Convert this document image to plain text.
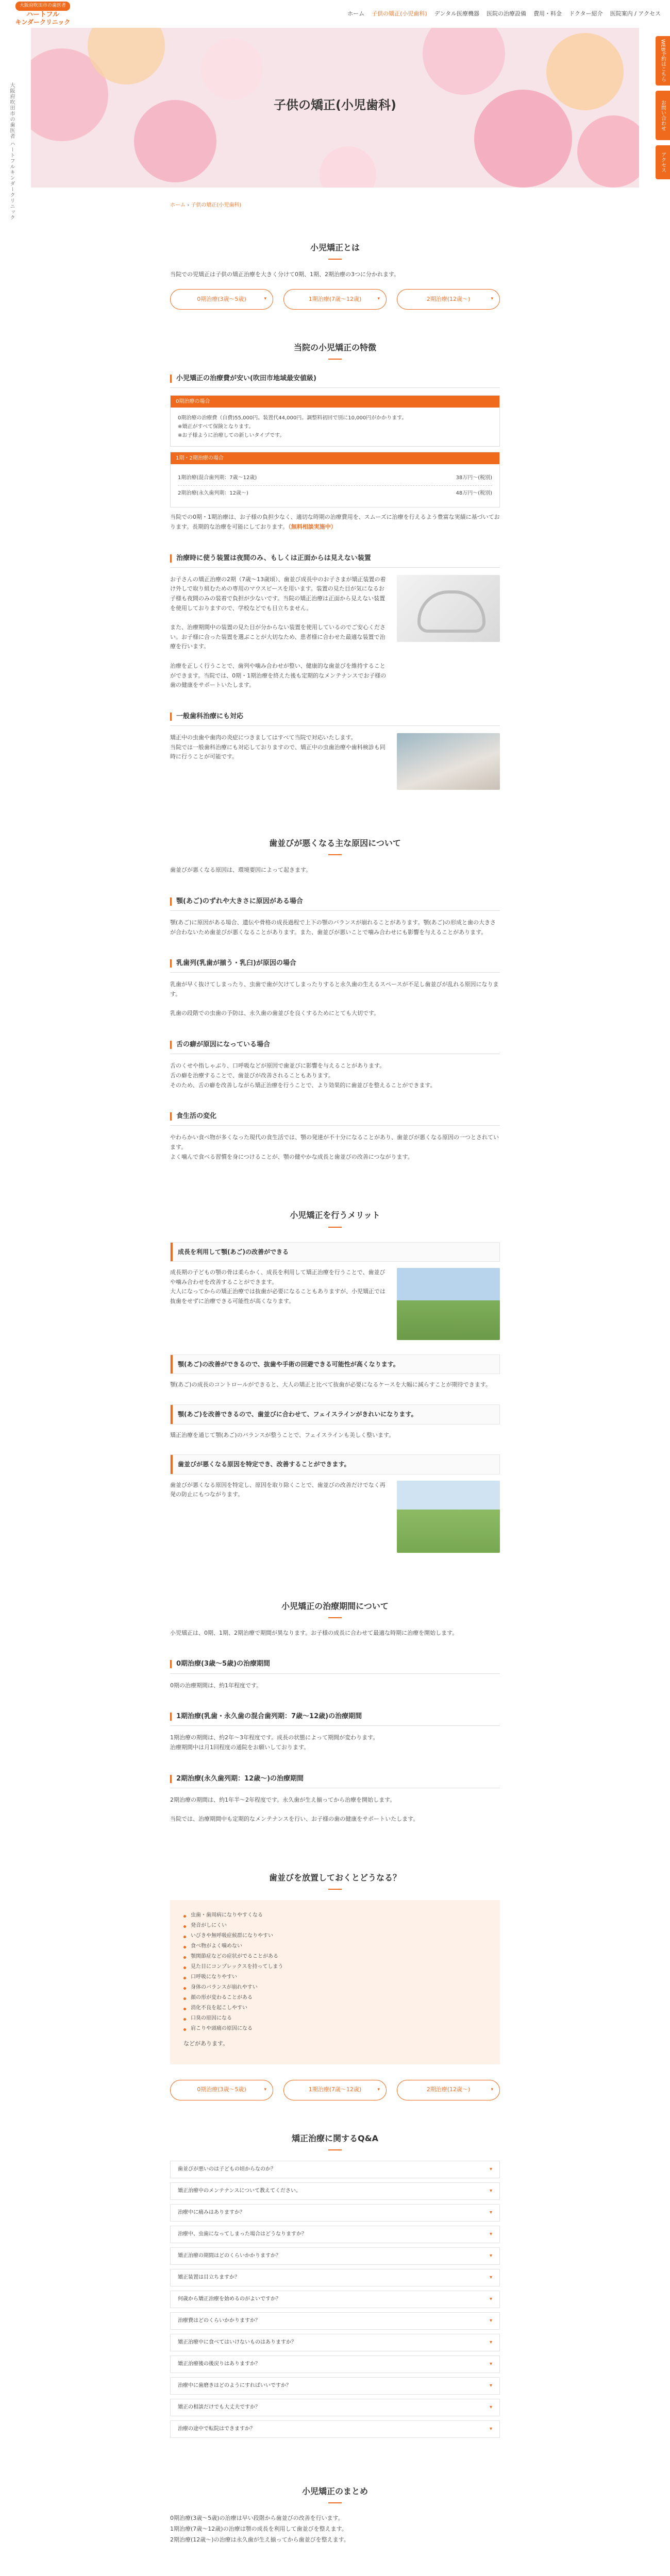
大阪府吹田市の歯医者
ハートフル
キンダークリニック
ホーム 子供の矯正(小児歯科) デンタル医療機器 医院の治療設備 費用・料金 ドクター紹介 医院案内 / アクセス
WEB予約はこちら
お問い合わせ
アクセス
大阪府吹田市の歯医者 ハートフルキンダークリニック	子供の矯正(小児歯科)
ホーム › 子供の矯正(小児歯科)
小児矯正とは

当院での児矯正は子供の矯正治療を大きく分けて0期、1期、2期治療の3つに分かれます。

0期治療(3歳〜5歳) ▾	1期治療(7歳〜12歳) ▾	2期治療(12歳〜) ▾
当院の小児矯正の特徴
小児矯正の治療費が安い(吹田市地域最安値級)
0期治療の場合
0期治療の治療費（自費)55,000円。装置代44,000円。調整料初回で別に10,000円がかかります。
※矯正がすべて保険となります。
※お子様ように治療しての新しいタイプです。
1期・2期治療の場合
1期治療(混合歯列期：7歳〜12歳)	38万円〜(税別)
2期治療(永久歯列期：12歳〜)	48万円〜(税別)

当院での0期・1期治療は、お子様の負担少なく、適切な時期の治療費用を、スムーズに治療を行えるよう豊富な実績に基づいております。長期的な治療を可能にしております。（無料相談実施中）

治療時に使う装置は夜間のみ、もしくは正面からは見えない装置
お子さんの矯正治療の2期（7歳〜13歳頃）、歯並び成長中のお子さまが矯正装置の着け外しで取り組むための専用のマウスピースを用います。装置の見た目が気になるお子様も夜間のみの装着で負担が少ないです。当院の矯正治療は正面から見えない装置を使用しておりますので、学校などでも目立ちません。

また、治療期間中の装置の見た目が分からない装置を使用しているのでご安心ください。お子様に合った装置を選ぶことが大切なため、患者様に合わせた最適な装置で治療を行います。

治療を正しく行うことで、歯列や噛み合わせが整い、健康的な歯並びを維持することができます。当院では、0期・1期治療を終えた後も定期的なメンテナンスでお子様の歯の健康をサポートいたします。
一般歯科治療にも対応
矯正中の虫歯や歯肉の炎症につきましてはすべて当院で対応いたします。
当院では一般歯科治療にも対応しておりますので、矯正中の虫歯治療や歯科検診も同時に行うことが可能です。
歯並びが悪くなる主な原因について

歯並びが悪くなる原因は、環境要因によって起きます。

顎(あご)のずれや大きさに原因がある場合

顎(あご)に原因がある場合、遺伝や骨格の成長過程で上下の顎のバランスが崩れることがあります。顎(あご)の形成と歯の大きさが合わないため歯並びが悪くなることがあります。また、歯並びが悪いことで噛み合わせにも影響を与えることがあります。

乳歯列(乳歯が揃う・乳臼)が原因の場合

乳歯が早く抜けてしまったり、虫歯で歯が欠けてしまったりすると永久歯の生えるスペースが不足し歯並びが乱れる原因になります。

乳歯の段階での虫歯の予防は、永久歯の歯並びを良くするためにとても大切です。

舌の癖が原因になっている場合

舌のくせや指しゃぶり、口呼吸などが原因で歯並びに影響を与えることがあります。
舌の癖を治療することで、歯並びが改善されることもあります。
そのため、舌の癖を改善しながら矯正治療を行うことで、より効果的に歯並びを整えることができます。

食生活の変化

やわらかい食べ物が多くなった現代の食生活では、顎の発達が不十分になることがあり、歯並びが悪くなる原因の一つとされています。
よく噛んで食べる習慣を身につけることが、顎の健やかな成長と歯並びの改善につながります。

小児矯正を行うメリット
成長を利用して顎(あご)の改善ができる
成長期の子どもの顎の骨は柔らかく、成長を利用して矯正治療を行うことで、歯並びや噛み合わせを改善することができます。
大人になってからの矯正治療では抜歯が必要になることもありますが、小児矯正では抜歯をせずに治療できる可能性が高くなります。
顎(あご)の改善ができるので、抜歯や手術の回避できる可能性が高くなります。

顎(あご)の成長のコントロールができると、大人の矯正と比べて抜歯が必要になるケースを大幅に減らすことが期待できます。

顎(あご)を改善できるので、歯並びに合わせて、フェイスラインがきれいになります。

矯正治療を通じて顎(あご)のバランスが整うことで、フェイスラインも美しく整います。

歯並びが悪くなる原因を特定でき、改善することができます。
歯並びが悪くなる原因を特定し、原因を取り除くことで、歯並びの改善だけでなく再発の防止にもつながります。
小児矯正の治療期間について

小児矯正は、0期、1期、2期治療で期間が異なります。お子様の成長に合わせて最適な時期に治療を開始します。

0期治療(3歳〜5歳)の治療期間

0期の治療期間は、約1年程度です。

1期治療(乳歯・永久歯の混合歯列期：7歳〜12歳)の治療期間

1期治療の期間は、約2年〜3年程度です。成長の状態によって期間が変わります。
治療期間中は月1回程度の通院をお願いしております。

2期治療(永久歯列期：12歳〜)の治療期間

2期治療の期間は、約1年半〜2年程度です。永久歯が生え揃ってから治療を開始します。

当院では、治療期間中も定期的なメンテナンスを行い、お子様の歯の健康をサポートいたします。

歯並びを放置しておくとどうなる？
虫歯・歯周病になりやすくなる
発音がしにくい
いびきや無呼吸症候群になりやすい
食べ物がよく噛めない
顎関節症などの症状がでることがある
見た目にコンプレックスを持ってしまう
口呼吸になりやすい
身体のバランスが崩れやすい
顔の形が変わることがある
消化不良を起こしやすい
口臭の原因になる
肩こりや頭痛の原因になる

などがあります。

0期治療(3歳〜5歳) ▾	1期治療(7歳〜12歳) ▾	2期治療(12歳〜) ▾
矯正治療に関するQ&A
歯並びが悪いのは子どもの頃からなのか？	▾
矯正治療中のメンテナンスについて教えてください。	▾
治療中に痛みはありますか？	▾
治療中、虫歯になってしまった場合はどうなりますか？	▾
矯正治療の期間はどのくらいかかりますか？	▾
矯正装置は目立ちますか？	▾
何歳から矯正治療を始めるのがよいですか？	▾
治療費はどのくらいかかりますか？	▾
矯正治療中に食べてはいけないものはありますか？	▾
矯正治療後の後戻りはありますか？	▾
治療中に歯磨きはどのようにすればいいですか？	▾
矯正の相談だけでも大丈夫ですか？	▾
治療の途中で転院はできますか？	▾
小児矯正のまとめ

0期治療(3歳〜5歳)の治療は早い段階から歯並びの改善を行います。

1期治療(7歳〜12歳)の治療は顎の成長を利用して歯並びを整えます。

2期治療(12歳〜)の治療は永久歯が生え揃ってから歯並びを整えます。
